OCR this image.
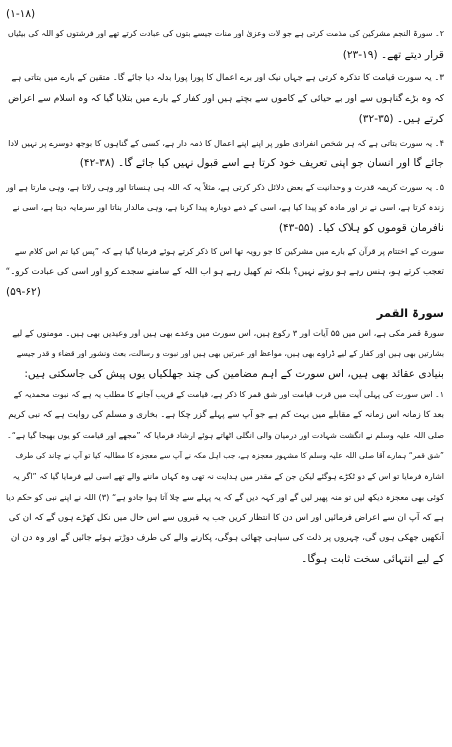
(۱-۱۸)
۲۔ سورۃ النجم مشرکین کی مذمت کرتی ہے جو لات وعزیٰ اور منات جیسے بتوں کی عبادت کرتے تھے اور فرشتوں کو اللہ کی بیٹیاں
قرار دیتے تھے۔ (۱۹-۲۳)
۳۔ یہ سورت قیامت کا تذکرہ کرتی ہے جہاں نیک اور برے اعمال کا پورا پورا بدلہ دیا جائے گا۔ متقین کے بارے میں بتاتی ہے
کہ وہ بڑے گناہوں سے اور بے حیائی کے کاموں سے بچتے ہیں اور کفار کے بارے میں بتلایا گیا کہ وہ اسلام سے اعراض
کرتے ہیں۔ (۳۵-۳۲)
۴۔ یہ سورت بتاتی ہے کہ ہر شخص انفرادی طور پر اپنے اپنے اعمال کا ذمہ دار ہے، کسی کے گناہوں کا بوجھ دوسرے پر نہیں لادا
جائے گا اور انسان جو اپنی تعریف خود کرتا ہے اسے قبول نہیں کیا جائے گا۔ (۳۸-۴۲)
۵۔ یہ سورت کریمہ قدرت و وحدانیت کے بعض دلائل ذکر کرتی ہے، مثلاً یہ کہ اللہ ہی ہنساتا اور وہی رلاتا ہے، وہی مارتا ہے اور
زندہ کرتا ہے، اسی نے نر اور مادہ کو پیدا کیا ہے، اسی کے ذمے دوبارہ پیدا کرنا ہے، وہی مالدار بناتا اور سرمایہ دیتا ہے، اسی نے
نافرمان قوموں کو ہلاک کیا۔ (۵۵-۴۳)
سورت کے اختتام پر قرآن کے بارے میں مشرکین کا جو رویہ تھا اس کا ذکر کرتے ہوئے فرمایا گیا ہے کہ ”پس کیا تم اس کلام سے
تعجب کرتے ہو، ہنس رہے ہو روتے نہیں؟ بلکہ تم کھیل رہے ہو اب اللہ کے سامنے سجدے کرو اور اسی کی عبادت کرو۔“
(۵۹-۶۲)
سورۃ القمر
سورۃ قمر مکی ہے، اس میں ۵۵ آیات اور ۳ رکوع ہیں، اس سورت میں وعدے بھی ہیں اور وعیدیں بھی ہیں۔ مومنوں کے لیے
بشارتیں بھی ہیں اور کفار کے لیے ڈراوے بھی ہیں، مواعظ اور عبرتیں بھی ہیں اور نبوت و رسالت، بعث ونشور اور قضاء و قدر جیسے
بنیادی عقائد بھی ہیں، اس سورت کے اہم مضامین کی چند جھلکیاں یوں پیش کی جاسکتی ہیں:
۱۔ اس سورت کی پہلی آیت میں قرب قیامت اور شق قمر کا ذکر ہے، قیامت کے قریب آجانے کا مطلب یہ ہے کہ نبوت محمدیہ کے
بعد کا زمانہ اس زمانہ کے مقابلے میں بہت کم ہے جو آپ سے پہلے گزر چکا ہے۔ بخاری و مسلم کی روایت ہے کہ نبی کریم
صلی اللہ علیہ وسلم نے انگشت شہادت اور درمیان والی انگلی اٹھاتے ہوئے ارشاد فرمایا کہ ”مجھے اور قیامت کو یوں بھیجا گیا ہے“۔
”شق قمر“ ہمارے آقا صلی اللہ علیہ وسلم کا مشہور معجزہ ہے، جب اہل مکہ نے آپ سے معجزہ کا مطالبہ کیا تو آپ نے چاند کی طرف
اشارہ فرمایا تو اس کے دو ٹکڑے ہوگئے لیکن جن کے مقدر میں ہدایت نہ تھی وہ کہاں ماننے والے تھے اسی لیے فرمایا گیا کہ ”اگر یہ
کوئی بھی معجزہ دیکھ لیں تو منہ پھیر لیں گے اور کہہ دیں گے کہ یہ پہلے سے چلا آتا ہوا جادو ہے“ (۳) اللہ نے اپنے نبی کو حکم دیا
ہے کہ آپ ان سے اعراض فرمائیں اور اس دن کا انتظار کریں جب یہ قبروں سے اس حال میں نکل کھڑے ہوں گے کہ ان کی
آنکھیں جھکی ہوں گی، چہروں پر ذلت کی سیاہی چھائی ہوگی، پکارنے والے کی طرف دوڑتے ہوئے جائیں گے اور وہ دن ان
کے لیے انتہائی سخت ثابت ہوگا۔
